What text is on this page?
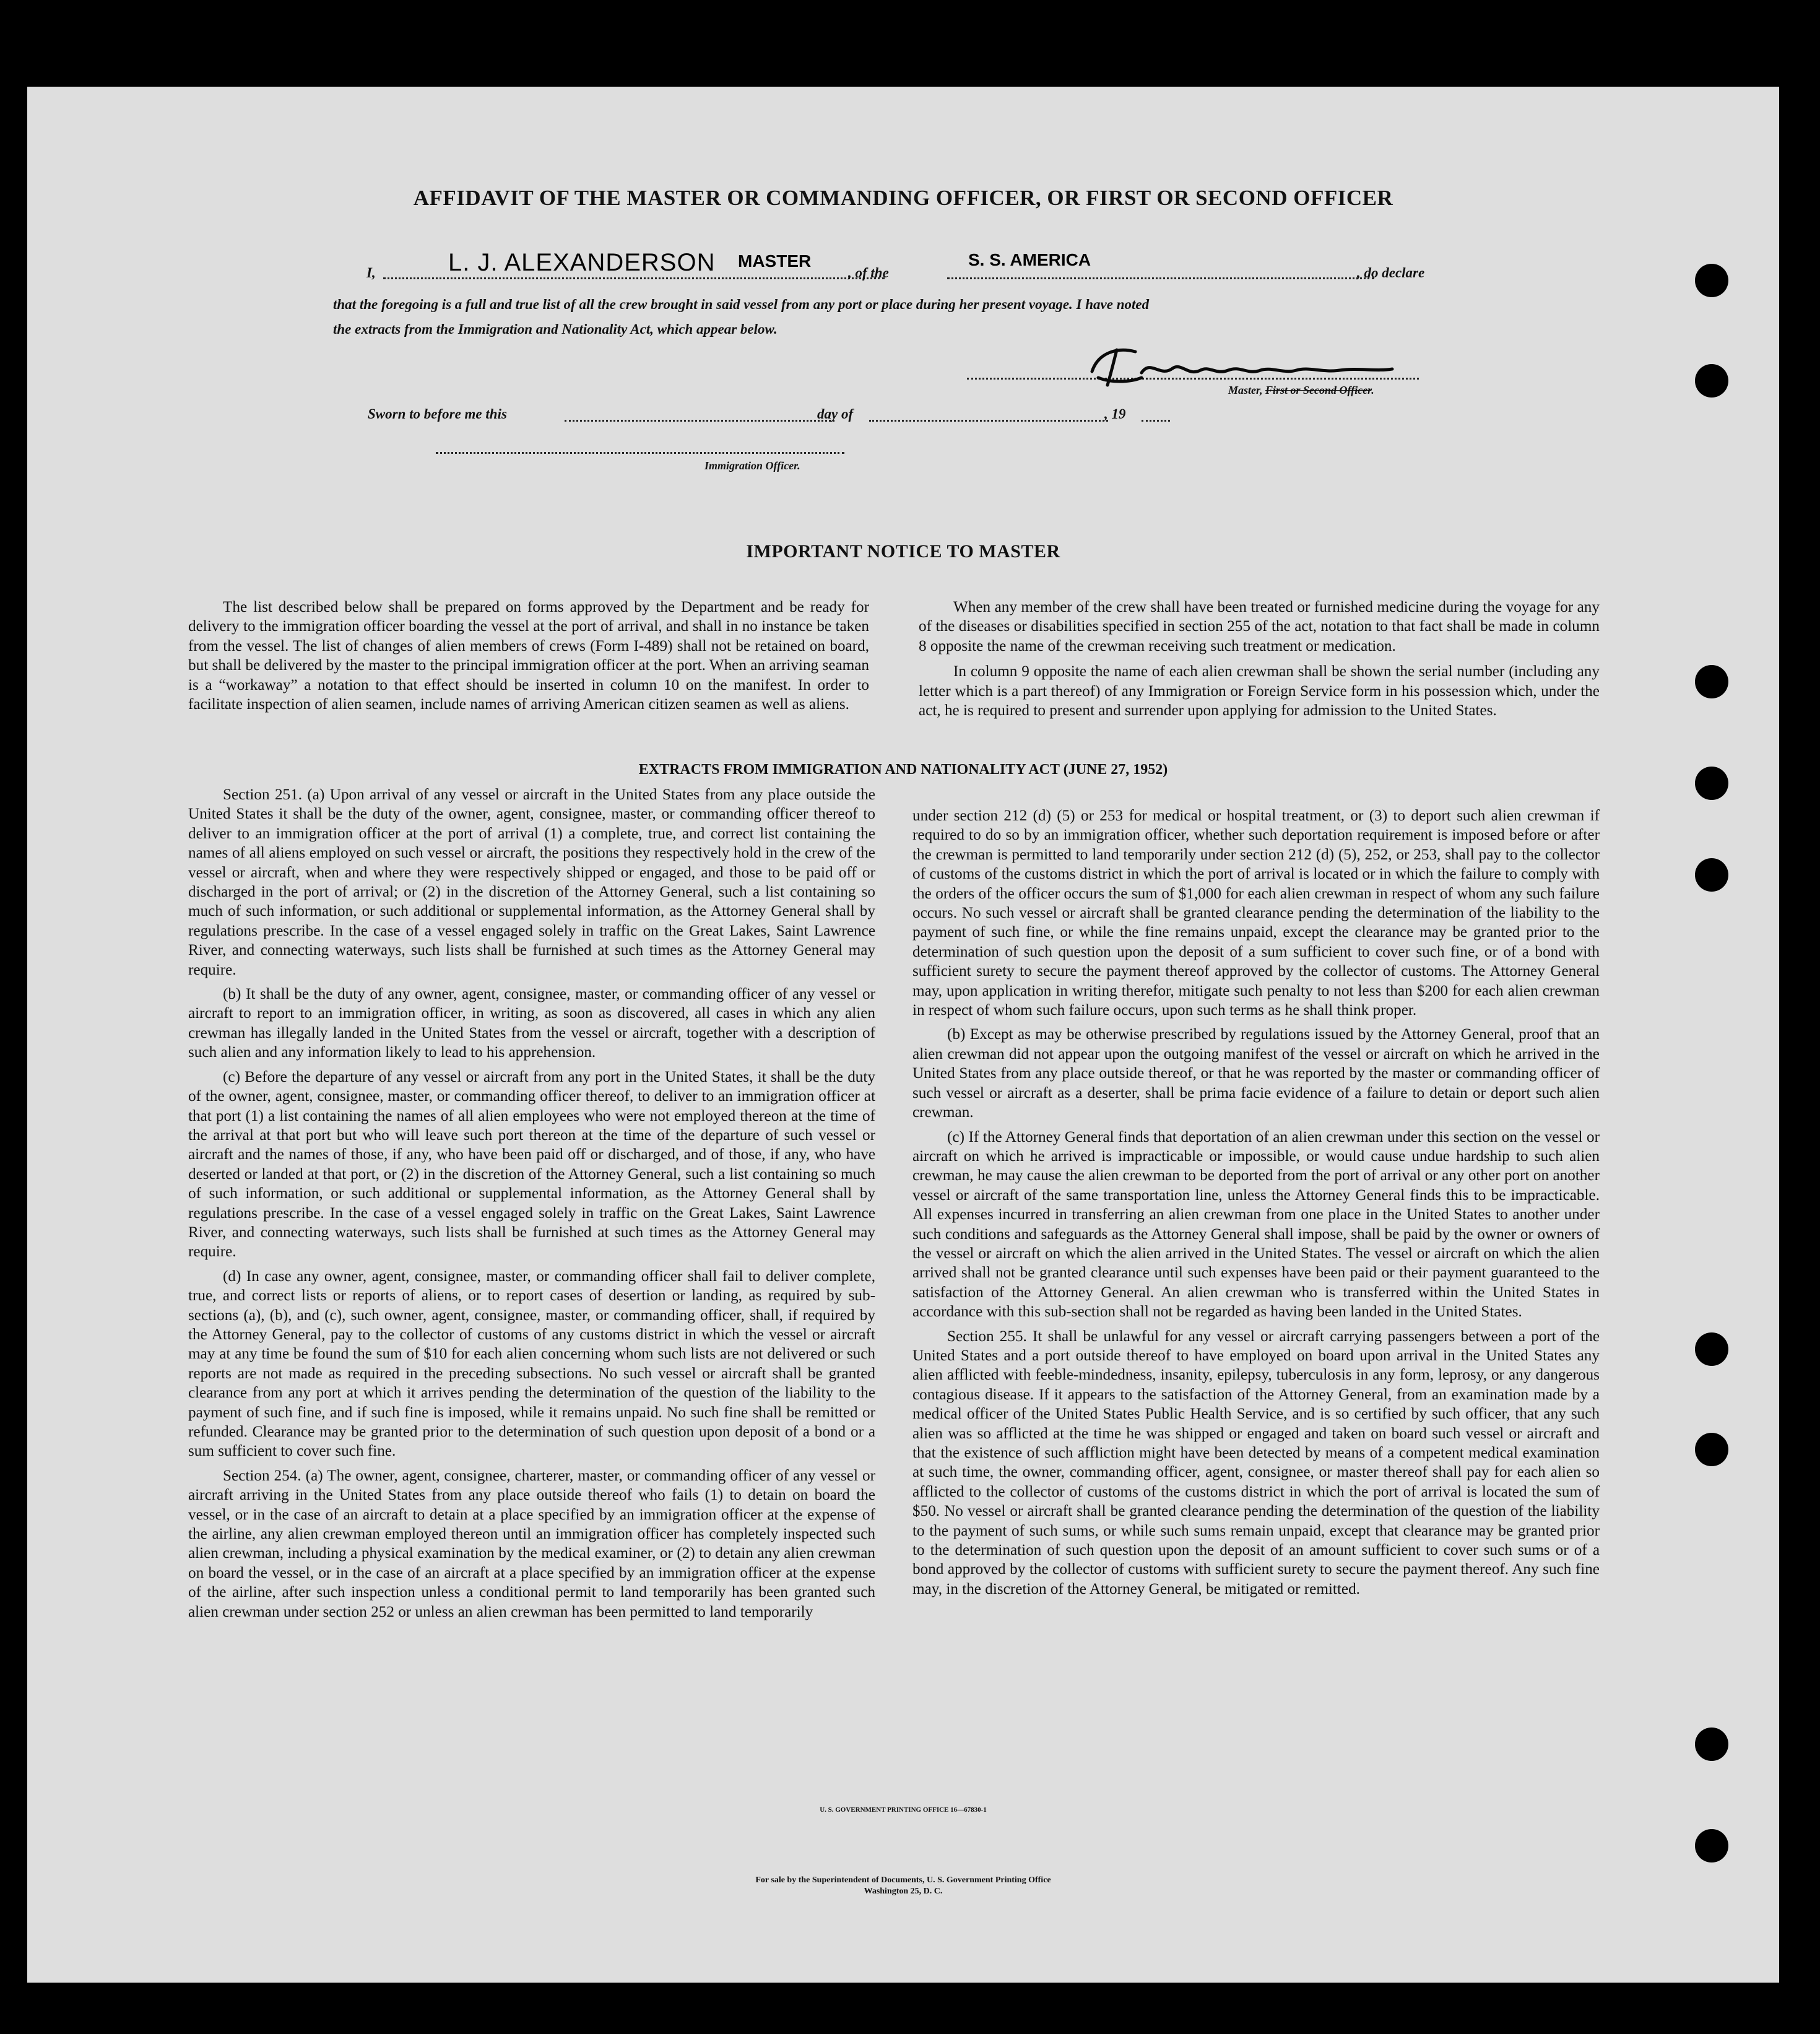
AFFIDAVIT OF THE MASTER OR COMMANDING OFFICER, OR FIRST OR SECOND OFFICER
I,	L. J. ALEXANDERSON MASTER
, of the
S. S. AMERICA
, do declare
that the foregoing is a full and true list of all the crew brought in said vessel from any port or place during her present voyage. I have noted
the extracts from the Immigration and Nationality Act, which appear below.
Master, First or Second Officer.
Sworn to before me this	day of	, 19
Immigration Officer.
IMPORTANT NOTICE TO MASTER

The list described below shall be prepared on forms approved by the Department and be ready for delivery to the immigration officer boarding the vessel at the port of arrival, and shall in no instance be taken from the vessel. The list of changes of alien members of crews (Form I-489) shall not be retained on board, but shall be delivered by the master to the principal immigration officer at the port. When an arriving seaman is a “workaway” a notation to that effect should be inserted in column 10 on the manifest. In order to facilitate inspection of alien seamen, include names of arriving American citizen seamen as well as aliens.

When any member of the crew shall have been treated or furnished medicine during the voyage for any of the diseases or disabilities specified in section 255 of the act, notation to that fact shall be made in column 8 opposite the name of the crewman receiving such treatment or medication.

In column 9 opposite the name of each alien crewman shall be shown the serial number (including any letter which is a part thereof) of any Immigration or Foreign Service form in his possession which, under the act, he is required to present and surrender upon applying for admission to the United States.

EXTRACTS FROM IMMIGRATION AND NATIONALITY ACT (JUNE 27, 1952)

Section 251. (a) Upon arrival of any vessel or aircraft in the United States from any place outside the United States it shall be the duty of the owner, agent, consignee, master, or commanding officer thereof to deliver to an immigration officer at the port of arrival (1) a complete, true, and correct list containing the names of all aliens employed on such vessel or aircraft, the positions they respectively hold in the crew of the vessel or aircraft, when and where they were respectively shipped or engaged, and those to be paid off or discharged in the port of arrival; or (2) in the discretion of the Attorney General, such a list containing so much of such information, or such additional or supplemental information, as the Attorney General shall by regulations prescribe. In the case of a vessel engaged solely in traffic on the Great Lakes, Saint Lawrence River, and connecting waterways, such lists shall be furnished at such times as the Attorney General may require.

(b) It shall be the duty of any owner, agent, consignee, master, or commanding officer of any vessel or aircraft to report to an immigration officer, in writing, as soon as discovered, all cases in which any alien crewman has illegally landed in the United States from the vessel or aircraft, together with a description of such alien and any information likely to lead to his apprehension.

(c) Before the departure of any vessel or aircraft from any port in the United States, it shall be the duty of the owner, agent, consignee, master, or commanding officer thereof, to deliver to an immigration officer at that port (1) a list containing the names of all alien employees who were not employed thereon at the time of the arrival at that port but who will leave such port thereon at the time of the departure of such vessel or aircraft and the names of those, if any, who have been paid off or discharged, and of those, if any, who have deserted or landed at that port, or (2) in the discretion of the Attorney General, such a list containing so much of such information, or such additional or supplemental information, as the Attorney General shall by regulations prescribe. In the case of a vessel engaged solely in traffic on the Great Lakes, Saint Lawrence River, and connecting waterways, such lists shall be furnished at such times as the Attorney General may require.

(d) In case any owner, agent, consignee, master, or commanding officer shall fail to deliver complete, true, and correct lists or reports of aliens, or to report cases of desertion or landing, as required by sub-sections (a), (b), and (c), such owner, agent, consignee, master, or commanding officer, shall, if required by the Attorney General, pay to the collector of customs of any customs district in which the vessel or aircraft may at any time be found the sum of $10 for each alien concerning whom such lists are not delivered or such reports are not made as required in the preceding subsections. No such vessel or aircraft shall be granted clearance from any port at which it arrives pending the determination of the question of the liability to the payment of such fine, and if such fine is imposed, while it remains unpaid. No such fine shall be remitted or refunded. Clearance may be granted prior to the determination of such question upon deposit of a bond or a sum sufficient to cover such fine.

Section 254. (a) The owner, agent, consignee, charterer, master, or commanding officer of any vessel or aircraft arriving in the United States from any place outside thereof who fails (1) to detain on board the vessel, or in the case of an aircraft to detain at a place specified by an immigration officer at the expense of the airline, any alien crewman employed thereon until an immigration officer has completely inspected such alien crewman, including a physical examination by the medical examiner, or (2) to detain any alien crewman on board the vessel, or in the case of an aircraft at a place specified by an immigration officer at the expense of the airline, after such inspection unless a conditional permit to land temporarily has been granted such alien crewman under section 252 or unless an alien crewman has been permitted to land temporarily

under section 212 (d) (5) or 253 for medical or hospital treatment, or (3) to deport such alien crewman if required to do so by an immigration officer, whether such deportation requirement is imposed before or after the crewman is permitted to land temporarily under section 212 (d) (5), 252, or 253, shall pay to the collector of customs of the customs district in which the port of arrival is located or in which the failure to comply with the orders of the officer occurs the sum of $1,000 for each alien crewman in respect of whom any such failure occurs. No such vessel or aircraft shall be granted clearance pending the determination of the liability to the payment of such fine, or while the fine remains unpaid, except the clearance may be granted prior to the determination of such question upon the deposit of a sum sufficient to cover such fine, or of a bond with sufficient surety to secure the payment thereof approved by the collector of customs. The Attorney General may, upon application in writing therefor, mitigate such penalty to not less than $200 for each alien crewman in respect of whom such failure occurs, upon such terms as he shall think proper.

(b) Except as may be otherwise prescribed by regulations issued by the Attorney General, proof that an alien crewman did not appear upon the outgoing manifest of the vessel or aircraft on which he arrived in the United States from any place outside thereof, or that he was reported by the master or commanding officer of such vessel or aircraft as a deserter, shall be prima facie evidence of a failure to detain or deport such alien crewman.

(c) If the Attorney General finds that deportation of an alien crewman under this section on the vessel or aircraft on which he arrived is impracticable or impossible, or would cause undue hardship to such alien crewman, he may cause the alien crewman to be deported from the port of arrival or any other port on another vessel or aircraft of the same transportation line, unless the Attorney General finds this to be impracticable. All expenses incurred in transferring an alien crewman from one place in the United States to another under such conditions and safeguards as the Attorney General shall impose, shall be paid by the owner or owners of the vessel or aircraft on which the alien arrived in the United States. The vessel or aircraft on which the alien arrived shall not be granted clearance until such expenses have been paid or their payment guaranteed to the satisfaction of the Attorney General. An alien crewman who is transferred within the United States in accordance with this sub-section shall not be regarded as having been landed in the United States.

Section 255. It shall be unlawful for any vessel or aircraft carrying passengers between a port of the United States and a port outside thereof to have employed on board upon arrival in the United States any alien afflicted with feeble-mindedness, insanity, epilepsy, tuberculosis in any form, leprosy, or any dangerous contagious disease. If it appears to the satisfaction of the Attorney General, from an examination made by a medical officer of the United States Public Health Service, and is so certified by such officer, that any such alien was so afflicted at the time he was shipped or engaged and taken on board such vessel or aircraft and that the existence of such affliction might have been detected by means of a competent medical examination at such time, the owner, commanding officer, agent, consignee, or master thereof shall pay for each alien so afflicted to the collector of customs of the customs district in which the port of arrival is located the sum of $50. No vessel or aircraft shall be granted clearance pending the determination of the question of the liability to the payment of such sums, or while such sums remain unpaid, except that clearance may be granted prior to the determination of such question upon the deposit of an amount sufficient to cover such sums or of a bond approved by the collector of customs with sufficient surety to secure the payment thereof. Any such fine may, in the discretion of the Attorney General, be mitigated or remitted.

U. S. GOVERNMENT PRINTING OFFICE 16—67830-1
For sale by the Superintendent of Documents, U. S. Government Printing Office
Washington 25, D. C.
